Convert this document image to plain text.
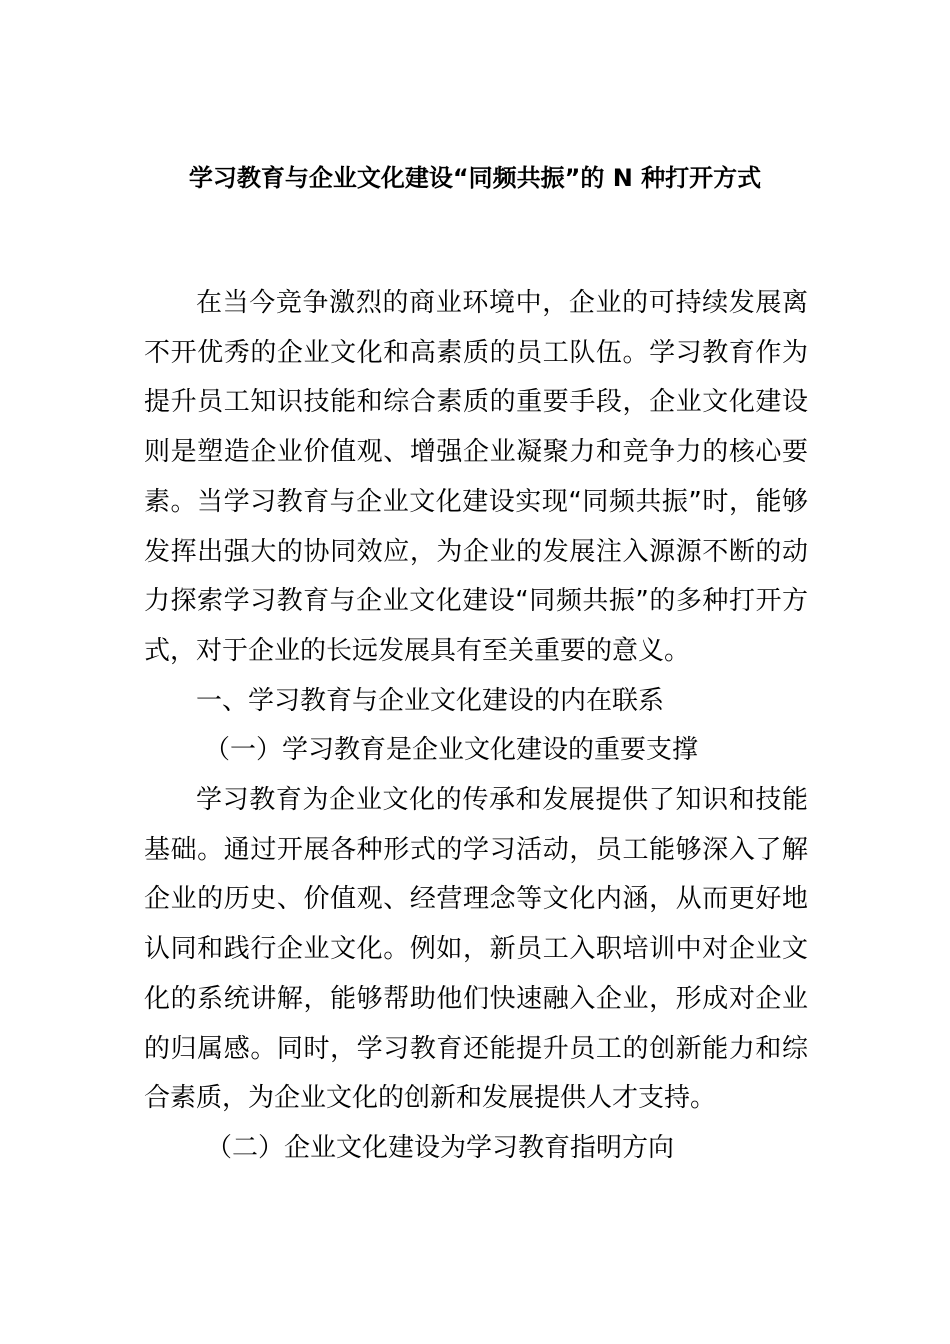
学习教育与企业文化建设“同频共振”的 N 种打开方式

在当今竞争激烈的商业环境中，企业的可持续发展离不开优秀的企业文化和高素质的员工队伍。学习教育作为提升员工知识技能和综合素质的重要手段，企业文化建设则是塑造企业价值观、增强企业凝聚力和竞争力的核心要素。当学习教育与企业文化建设实现“同频共振”时，能够发挥出强大的协同效应，为企业的发展注入源源不断的动力探索学习教育与企业文化建设“同频共振”的多种打开方式，对于企业的长远发展具有至关重要的意义。

一、学习教育与企业文化建设的内在联系

（一）学习教育是企业文化建设的重要支撑

学习教育为企业文化的传承和发展提供了知识和技能基础。通过开展各种形式的学习活动，员工能够深入了解企业的历史、价值观、经营理念等文化内涵，从而更好地认同和践行企业文化。例如，新员工入职培训中对企业文化的系统讲解，能够帮助他们快速融入企业，形成对企业的归属感。同时，学习教育还能提升员工的创新能力和综合素质，为企业文化的创新和发展提供人才支持。

（二）企业文化建设为学习教育指明方向
